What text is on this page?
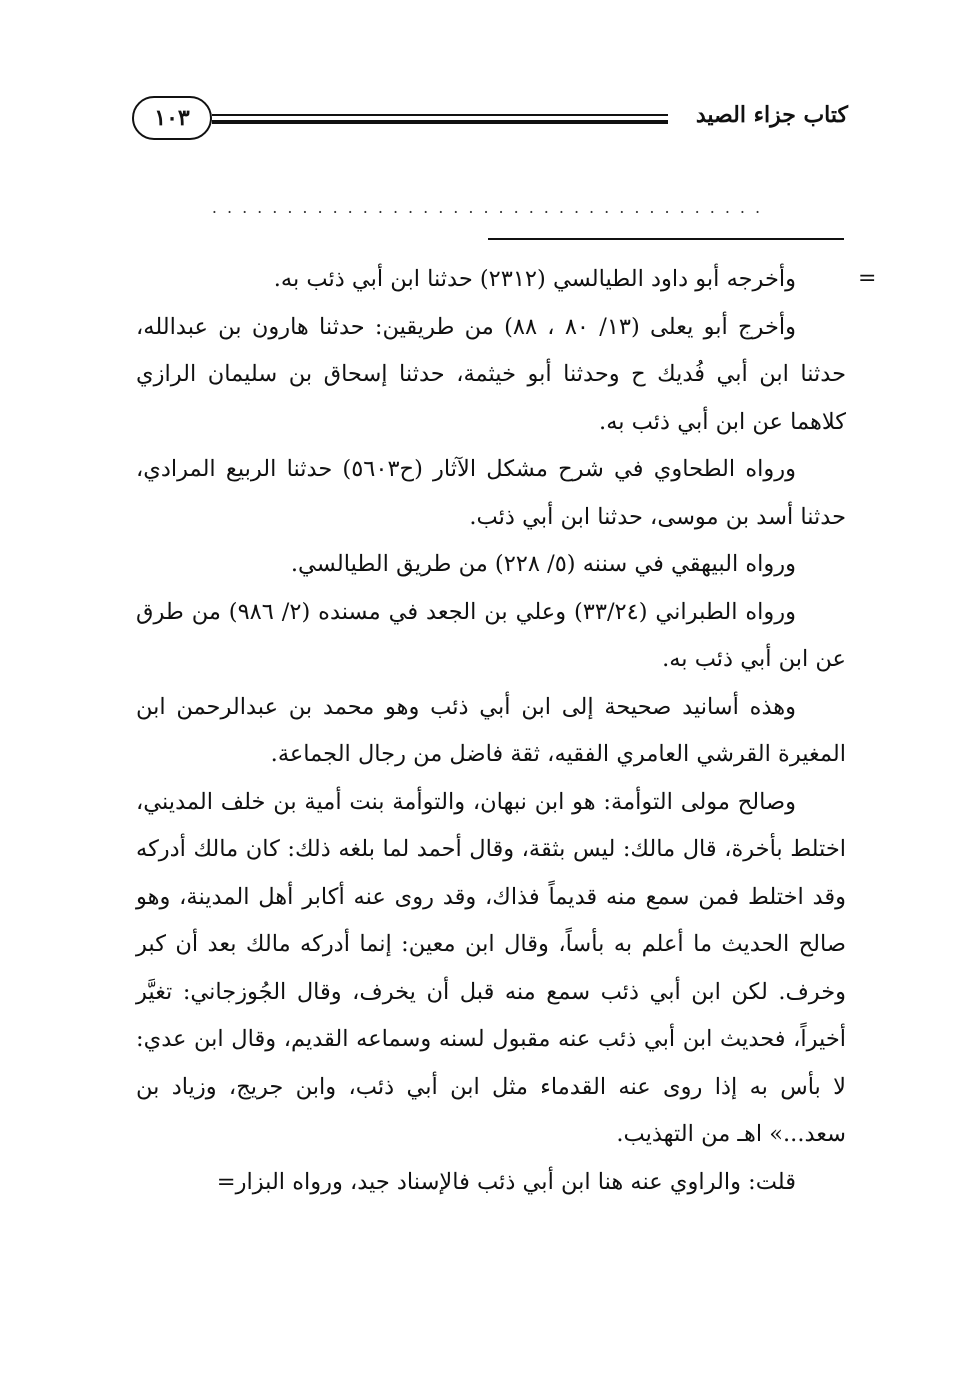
١٠٣	كتاب جزاء الصيد
.....................................
=

وأخرجه أبو داود الطيالسي (٢٣١٢) حدثنا ابن أبي ذئب به.

وأخرج أبو يعلى (١٣/ ٨٠ ، ٨٨) من طريقين: حدثنا هارون بن عبدالله، حدثنا ابن أبي فُديك ح وحدثنا أبو خيثمة، حدثنا إسحاق بن سليمان الرازي كلاهما عن ابن أبي ذئب به.

ورواه الطحاوي في شرح مشكل الآثار (ح٥٦٠٣) حدثنا الربيع المرادي، حدثنا أسد بن موسى، حدثنا ابن أبي ذئب.

ورواه البيهقي في سننه (٥/ ٢٢٨) من طريق الطيالسي.

ورواه الطبراني (٣٣/٢٤) وعلي بن الجعد في مسنده (٢/ ٩٨٦) من طرق عن ابن أبي ذئب به.

وهذه أسانيد صحيحة إلى ابن أبي ذئب وهو محمد بن عبدالرحمن ابن المغيرة القرشي العامري الفقيه، ثقة فاضل من رجال الجماعة.

وصالح مولى التوأمة: هو ابن نبهان، والتوأمة بنت أمية بن خلف المديني، اختلط بأخرة، قال مالك: ليس بثقة، وقال أحمد لما بلغه ذلك: كان مالك أدركه وقد اختلط فمن سمع منه قديماً فذاك، وقد روى عنه أكابر أهل المدينة، وهو صالح الحديث ما أعلم به بأساً، وقال ابن معين: إنما أدركه مالك بعد أن كبر وخرف. لكن ابن أبي ذئب سمع منه قبل أن يخرف، وقال الجُوزجاني: تغيَّر أخيراً، فحديث ابن أبي ذئب عنه مقبول لسنه وسماعه القديم، وقال ابن عدي: لا بأس به إذا روى عنه القدماء مثل ابن أبي ذئب، وابن جريج، وزياد بن سعد...» اهـ من التهذيب.

قلت: والراوي عنه هنا ابن أبي ذئب فالإسناد جيد، ورواه البزار=
